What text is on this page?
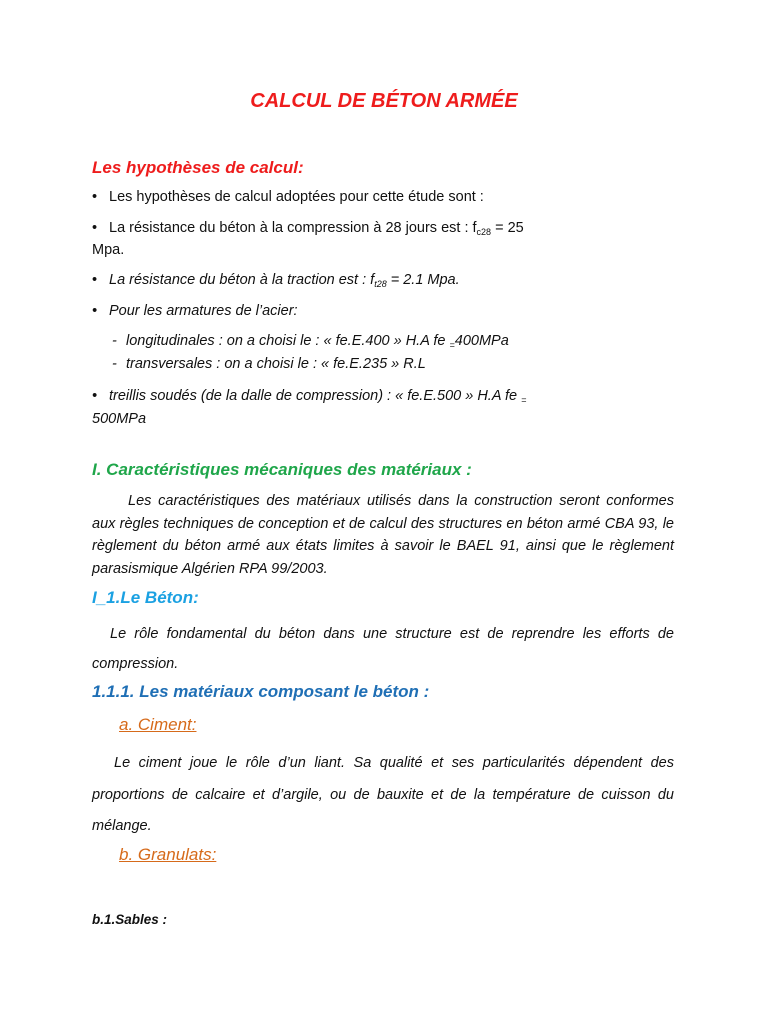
CALCUL DE BÉTON ARMÉE
Les hypothèses de calcul:
• Les hypothèses de calcul adoptées pour cette étude sont :
• La résistance du béton à la compression à 28 jours est : $f_{c28} = 25$
Mpa.
• La résistance du béton à la traction est : $f_{t28} = 2.1$ Mpa.
• Pour les armatures de l’acier:
- longitudinales : on a choisi le : « fe.E.400 » H.A fe $_=$400MPa
- transversales : on a choisi le : « fe.E.235 » R.L
• treillis soudés (de la dalle de compression) : « fe.E.500 » H.A fe $_=$
500MPa
I. Caractéristiques mécaniques des matériaux :
Les caractéristiques des matériaux utilisés dans la construction seront conformes aux règles techniques de conception et de calcul des structures en béton armé CBA 93, le règlement du béton armé aux états limites à savoir le BAEL 91, ainsi que le règlement parasismique Algérien RPA 99/2003.
I_1.Le Béton:
Le rôle fondamental du béton dans une structure est de reprendre les efforts de compression.
1.1.1. Les matériaux composant le béton :
a. Ciment:
Le ciment joue le rôle d’un liant. Sa qualité et ses particularités dépendent des proportions de calcaire et d’argile, ou de bauxite et de la température de cuisson du mélange.
b. Granulats:
b.1.Sables :
